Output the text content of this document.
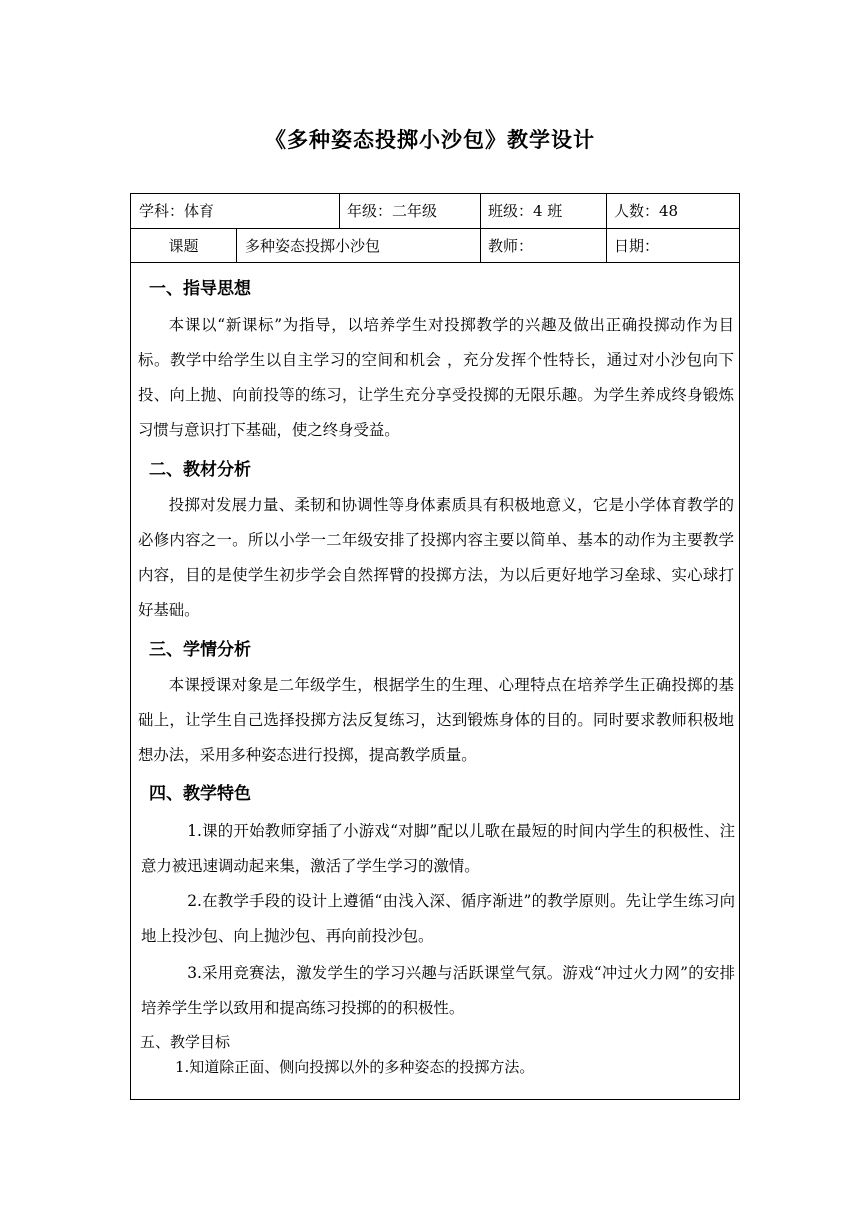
《多种姿态投掷小沙包》教学设计
学科：体育	年级：二年级	班级：4 班	人数：48
课题	多种姿态投掷小沙包	教师：	日期：
一、指导思想

本课以“新课标”为指导，以培养学生对投掷教学的兴趣及做出正确投掷动作为目标。教学中给学生以自主学习的空间和机会 ，充分发挥个性特长，通过对小沙包向下投、向上抛、向前投等的练习，让学生充分享受投掷的无限乐趣。为学生养成终身锻炼习惯与意识打下基础，使之终身受益。

二、教材分析

投掷对发展力量、柔韧和协调性等身体素质具有积极地意义，它是小学体育教学的必修内容之一。所以小学一二年级安排了投掷内容主要以简单、基本的动作为主要教学内容，目的是使学生初步学会自然挥臂的投掷方法，为以后更好地学习垒球、实心球打好基础。

三、学情分析

本课授课对象是二年级学生，根据学生的生理、心理特点在培养学生正确投掷的基础上，让学生自己选择投掷方法反复练习，达到锻炼身体的目的。同时要求教师积极地想办法，采用多种姿态进行投掷，提高教学质量。

四、教学特色

1.课的开始教师穿插了小游戏“对脚”配以儿歌在最短的时间内学生的积极性、注意力被迅速调动起来集，激活了学生学习的激情。

2.在教学手段的设计上遵循“由浅入深、循序渐进”的教学原则。先让学生练习向地上投沙包、向上抛沙包、再向前投沙包。

3.采用竞赛法，激发学生的学习兴趣与活跃课堂气氛。游戏“冲过火力网”的安排培养学生学以致用和提高练习投掷的的积极性。

五、教学目标
1.知道除正面、侧向投掷以外的多种姿态的投掷方法。
